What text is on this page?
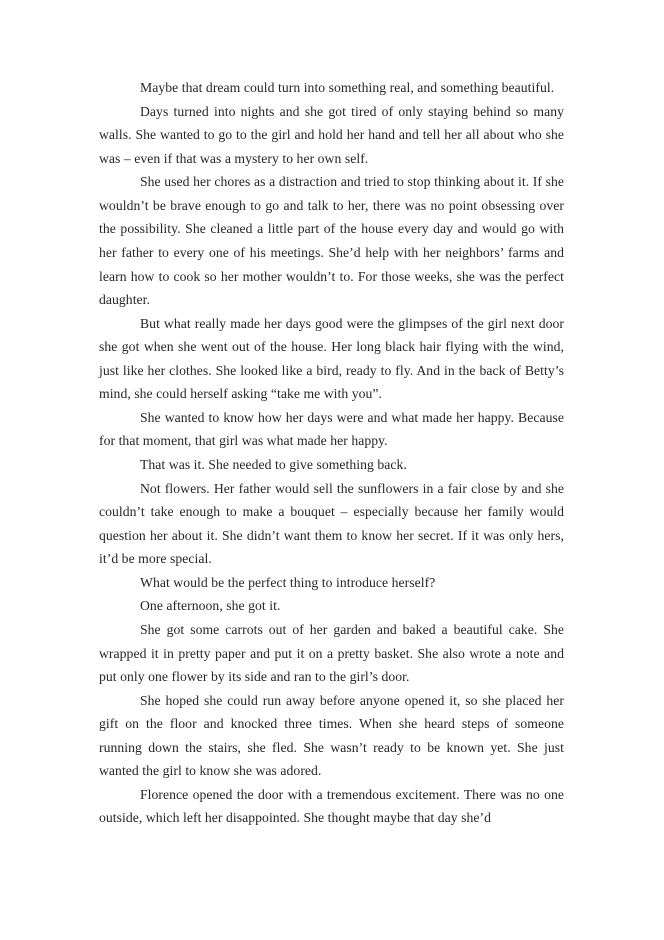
Maybe that dream could turn into something real, and something beautiful.

Days turned into nights and she got tired of only staying behind so many walls. She wanted to go to the girl and hold her hand and tell her all about who she was – even if that was a mystery to her own self.

She used her chores as a distraction and tried to stop thinking about it. If she wouldn’t be brave enough to go and talk to her, there was no point obsessing over the possibility. She cleaned a little part of the house every day and would go with her father to every one of his meetings. She’d help with her neighbors’ farms and learn how to cook so her mother wouldn’t to. For those weeks, she was the perfect daughter.

But what really made her days good were the glimpses of the girl next door she got when she went out of the house. Her long black hair flying with the wind, just like her clothes. She looked like a bird, ready to fly. And in the back of Betty’s mind, she could herself asking “take me with you”.

She wanted to know how her days were and what made her happy. Because for that moment, that girl was what made her happy.

That was it. She needed to give something back.

Not flowers. Her father would sell the sunflowers in a fair close by and she couldn’t take enough to make a bouquet – especially because her family would question her about it. She didn’t want them to know her secret. If it was only hers, it’d be more special.

What would be the perfect thing to introduce herself?

One afternoon, she got it.

She got some carrots out of her garden and baked a beautiful cake. She wrapped it in pretty paper and put it on a pretty basket. She also wrote a note and put only one flower by its side and ran to the girl’s door.

She hoped she could run away before anyone opened it, so she placed her gift on the floor and knocked three times. When she heard steps of someone running down the stairs, she fled. She wasn’t ready to be known yet. She just wanted the girl to know she was adored.

Florence opened the door with a tremendous excitement. There was no one outside, which left her disappointed. She thought maybe that day she’d
